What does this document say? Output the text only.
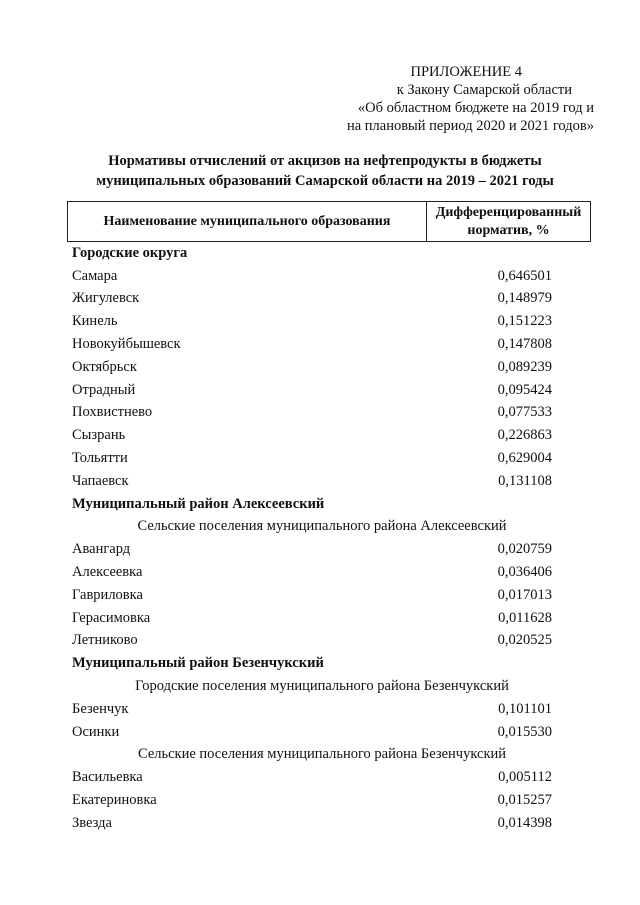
ПРИЛОЖЕНИЕ 4
к Закону Самарской области
«Об областном бюджете на 2019 год и
на плановый период 2020 и 2021 годов»
Нормативы отчислений от акцизов на нефтепродукты в бюджеты
муниципальных образований Самарской области на 2019 – 2021 годы
Наименование муниципального образования
Дифференцированный
норматив, %
Городские округа
Самара	0,646501
Жигулевск	0,148979
Кинель	0,151223
Новокуйбышевск	0,147808
Октябрьск	0,089239
Отрадный	0,095424
Похвистнево	0,077533
Сызрань	0,226863
Тольятти	0,629004
Чапаевск	0,131108
Муниципальный район Алексеевский
Сельские поселения муниципального района Алексеевский
Авангард	0,020759
Алексеевка	0,036406
Гавриловка	0,017013
Герасимовка	0,011628
Летниково	0,020525
Муниципальный район Безенчукский
Городские поселения муниципального района Безенчукский
Безенчук	0,101101
Осинки	0,015530
Сельские поселения муниципального района Безенчукский
Васильевка	0,005112
Екатериновка	0,015257
Звезда	0,014398
